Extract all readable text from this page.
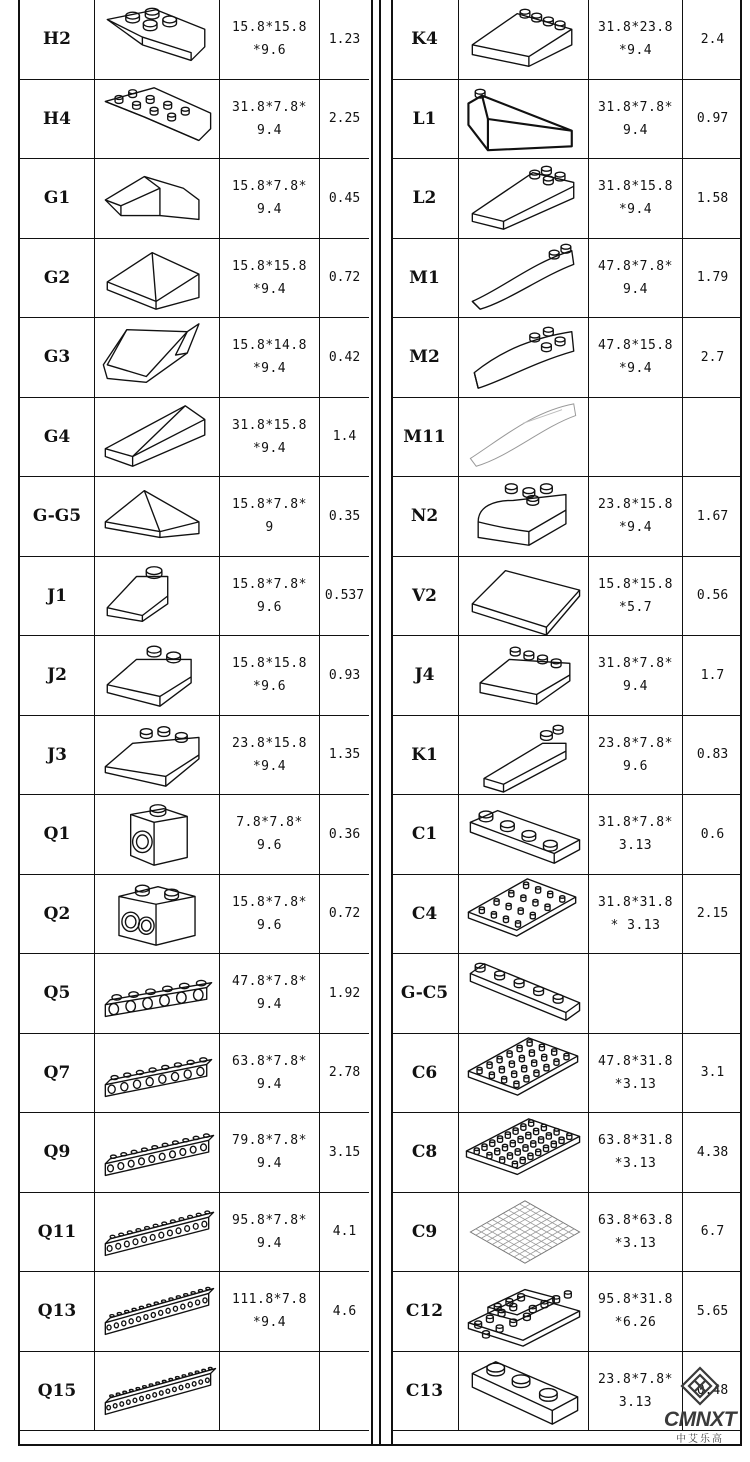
H2
15.8*15.8
*9.6
1.23
H4
31.8*7.8*
9.4
2.25
G1
15.8*7.8*
9.4
0.45
G2
15.8*15.8
*9.4
0.72
G3
15.8*14.8
*9.4
0.42
G4
31.8*15.8
*9.4
1.4
G-G5
15.8*7.8*
9
0.35
J1
15.8*7.8*
9.6
0.537
J2
15.8*15.8
*9.6
0.93
J3
23.8*15.8
*9.4
1.35
Q1
7.8*7.8*
9.6
0.36
Q2
15.8*7.8*
9.6
0.72
Q5
47.8*7.8*
9.4
1.92
Q7
63.8*7.8*
9.4
2.78
Q9
79.8*7.8*
9.4
3.15
Q11
95.8*7.8*
9.4
4.1
Q13
111.8*7.8
*9.4
4.6
Q15
K4
31.8*23.8
*9.4
2.4
L1
31.8*7.8*
9.4
0.97
L2
31.8*15.8
*9.4
1.58
M1
47.8*7.8*
9.4
1.79
M2
47.8*15.8
*9.4
2.7
M11
N2
23.8*15.8
*9.4
1.67
V2
15.8*15.8
*5.7
0.56
J4
31.8*7.8*
9.4
1.7
K1
23.8*7.8*
9.6
0.83
C1
31.8*7.8*
3.13
0.6
C4
31.8*31.8
* 3.13
2.15
G-C5
C6
47.8*31.8
*3.13
3.1
C8
63.8*31.8
*3.13
4.38
C9
63.8*63.8
*3.13
6.7
C12
95.8*31.8
*6.26
5.65
C13
23.8*7.8*
3.13
0.48
CMNXT
中艾乐高
